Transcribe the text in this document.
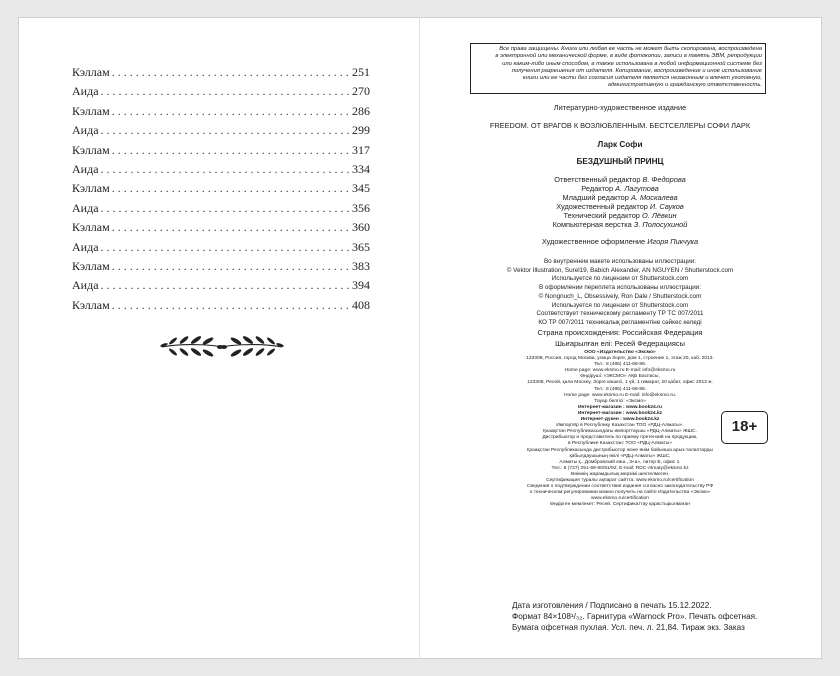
Кэллам . . .	251
Аида . . .	270
Кэллам . . .	286
Аида . . .	299
Кэллам . . .	317
Аида . . .	334
Кэллам . . .	345
Аида . . .	356
Кэллам . . .	360
Аида . . .	365
Кэллам . . .	383
Аида . . .	394
Кэллам . . .	408
Все права защищены. Книга или любая ее часть не может быть скопирована, воспроизведена
в электронной или механической форме, в виде фотокопии, записи в память ЭВМ, репродукции
или каким-либо иным способом, а также использована в любой информационной системе без
получения разрешения от издателя. Копирование, воспроизведение и иное использование
книги или ее части без согласия издателя является незаконным и влечет уголовную,
административную и гражданскую ответственность.
Литературно-художественное издание
FREEDOM. ОТ ВРАГОВ К ВОЗЛЮБЛЕННЫМ. БЕСТСЕЛЛЕРЫ СОФИ ЛАРК
Ларк Софи
БЕЗДУШНЫЙ ПРИНЦ
Ответственный редактор В. Федорова
Редактор А. Лагутова
Младший редактор А. Москалева
Художественный редактор И. Сауков
Технический редактор О. Лёвкин
Компьютерная верстка З. Полосухиной
Художественное оформление Игоря Пикчука
Во внутреннем макете использованы иллюстрации:
© Vektor Illustration, Surel19, Babich Alexander, AN NGUYEN / Shutterstock.com
Используется по лицензии от Shutterstock.com
В оформлении переплета использованы иллюстрации:
© Nongnuch_L, Obsessively, Ron Dale / Shutterstock.com
Используется по лицензии от Shutterstock.com
Соответствует техническому регламенту ТР ТС 007/2011
КО ТР 007/2011 техникалық регламентіне сәйкес келеді
Страна происхождения: Российская Федерация
Шығарылған елі: Ресей Федерациясы
ООО «Издательство «Эксмо»
123308, Россия, город Москва, улица Зорге, дом 1, строение 1, этаж 20, каб. 2013.
Тел.: 8 (495) 411-68-86.
Home page: www.eksmo.ru E-mail: info@eksmo.ru
Өндіруші: «ЭКСМО» АҚБ Баспасы,
123308, Ресей, қала Мәскеу, Зорге көшесі, 1 үй, 1 ғимарат, 20 қабат, офис 2013 ж.
Тел.: 8 (495) 411-68-86.
Home page: www.eksmo.ru E-mail: info@eksmo.ru.
Тауар белгісі: «Эксмо»
Интернет-магазин : www.book24.ru
Интернет-магазин : www.book24.kz
Интернет-дүкен : www.book24.kz
Импортёр в Республику Казахстан ТОО «РДЦ-Алматы».
Қазақстан Республикасындағы импорттаушы «РДЦ-Алматы» ЖШС.
Дистрибьютор и представитель по приему претензий на продукцию,
в Республике Казахстан: ТОО «РДЦ-Алматы»
Қазақстан Республикасында дистрибьютор және өнім бойынша арыз-талаптарды
қабылдаушының өкілі «РДЦ-Алматы» ЖШС,
Алматы қ., Домбровский көш., 3«а», литер Б, офис 1.
Тел.: 8 (727) 251-59-90/91/92; E-mail: RDC-Almaty@eksmo.kz
Өнімнің жарамдылық мерзімі шектелмеген.
Сертификация туралы ақпарат сайтта: www.eksmo.ru/certification
Сведения о подтверждении соответствия издания согласно законодательству РФ
о техническом регулировании можно получить на сайте Издательства «Эксмо»
www.eksmo.ru/certification
Өндірген мемлекет: Ресей. Сертификаттау қарастырылмаған
18+
Дата изготовления / Подписано в печать 15.12.2022.
Формат 84×108¹/₃₂. Гарнитура «Warnock Pro». Печать офсетная.
Бумага офсетная пухлая. Усл. печ. л. 21,84. Тираж экз. Заказ
